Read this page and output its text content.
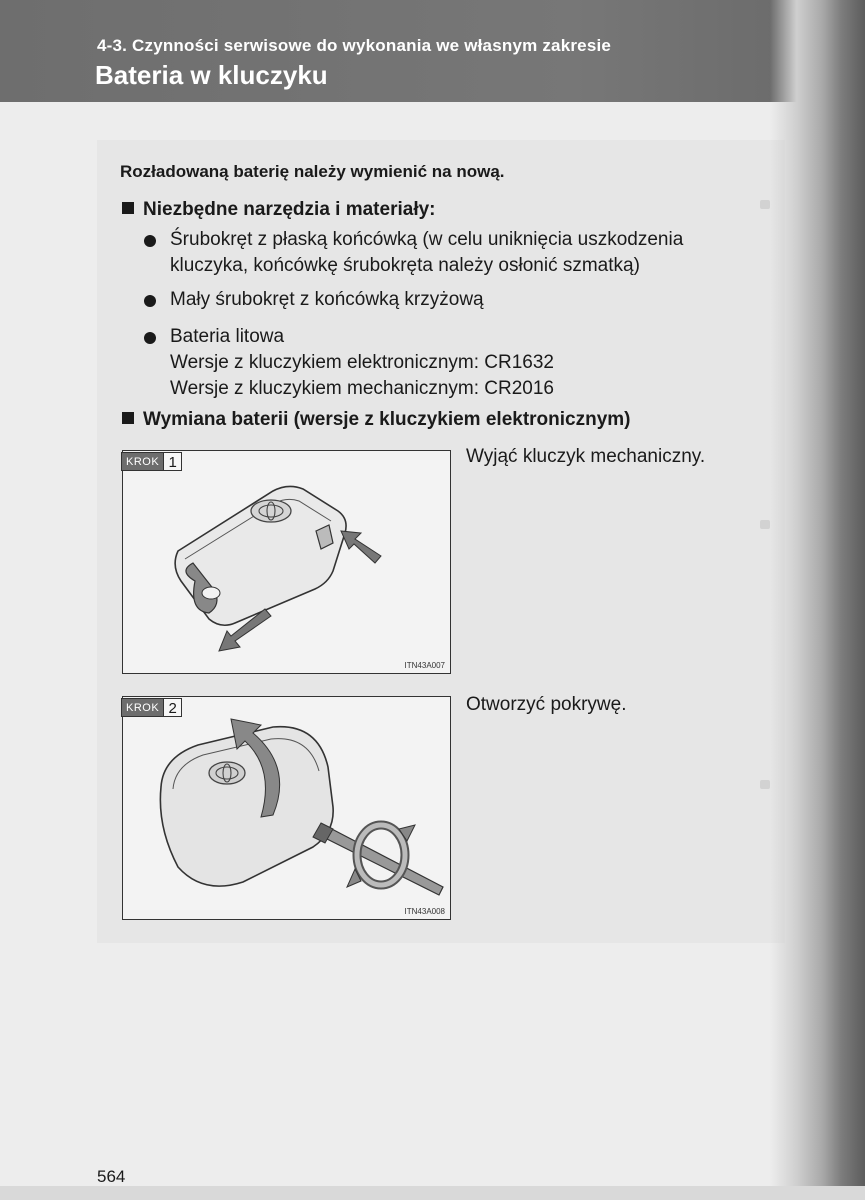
4-3. Czynności serwisowe do wykonania we własnym zakresie
Bateria w kluczyku
Rozładowaną baterię należy wymienić na nową.
Niezbędne narzędzia i materiały:
Śrubokręt z płaską końcówką (w celu uniknięcia uszkodzenia
kluczyka, końcówkę śrubokręta należy osłonić szmatką)
Mały śrubokręt z końcówką krzyżową
Bateria litowa
Wersje z kluczykiem elektronicznym: CR1632
Wersje z kluczykiem mechanicznym: CR2016
Wymiana baterii (wersje z kluczykiem elektronicznym)
ITN43A007
KROK 1	Wyjąć kluczyk mechaniczny.
ITN43A008
KROK 2	Otworzyć pokrywę.
564
